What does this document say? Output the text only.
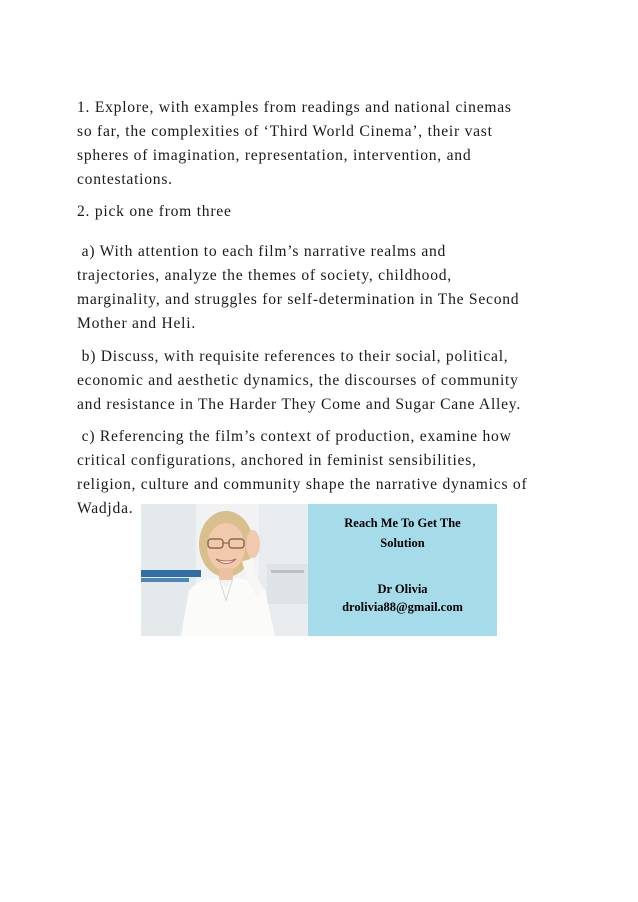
1. Explore, with examples from readings and national cinemas
so far, the complexities of ‘Third World Cinema’, their vast
spheres of imagination, representation, intervention, and
contestations.

2. pick one from three

a) With attention to each film’s narrative realms and
trajectories, analyze the themes of society, childhood,
marginality, and struggles for self-determination in The Second
Mother and Heli.

b) Discuss, with requisite references to their social, political,
economic and aesthetic dynamics, the discourses of community
and resistance in The Harder They Come and Sugar Cane Alley.

c) Referencing the film’s context of production, examine how
critical configurations, anchored in feminist sensibilities,
religion, culture and community shape the narrative dynamics of
Wadjda.

Reach Me To Get The
Solution
Dr Olivia
drolivia88@gmail.com
